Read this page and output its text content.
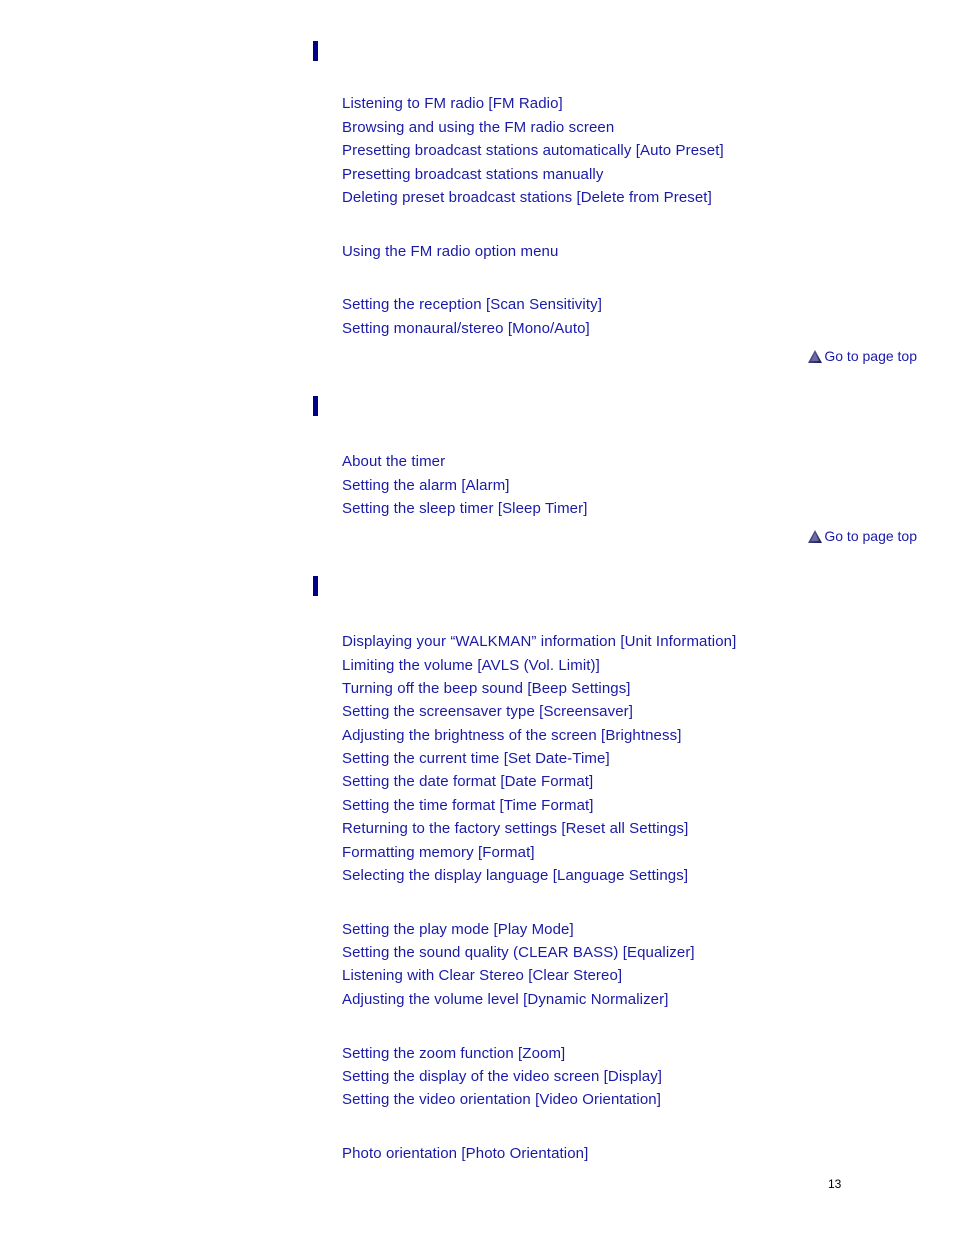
Listening to FM radio [FM Radio]
Browsing and using the FM radio screen
Presetting broadcast stations automatically [Auto Preset]
Presetting broadcast stations manually
Deleting preset broadcast stations [Delete from Preset]
Using the FM radio option menu
Setting the reception [Scan Sensitivity]
Setting monaural/stereo [Mono/Auto]
Go to page top
About the timer
Setting the alarm [Alarm]
Setting the sleep timer [Sleep Timer]
Go to page top
Displaying your “WALKMAN” information [Unit Information]
Limiting the volume [AVLS (Vol. Limit)]
Turning off the beep sound [Beep Settings]
Setting the screensaver type [Screensaver]
Adjusting the brightness of the screen [Brightness]
Setting the current time [Set Date-Time]
Setting the date format [Date Format]
Setting the time format [Time Format]
Returning to the factory settings [Reset all Settings]
Formatting memory [Format]
Selecting the display language [Language Settings]
Setting the play mode [Play Mode]
Setting the sound quality (CLEAR BASS) [Equalizer]
Listening with Clear Stereo [Clear Stereo]
Adjusting the volume level [Dynamic Normalizer]
Setting the zoom function [Zoom]
Setting the display of the video screen [Display]
Setting the video orientation [Video Orientation]
Photo orientation [Photo Orientation]
13
